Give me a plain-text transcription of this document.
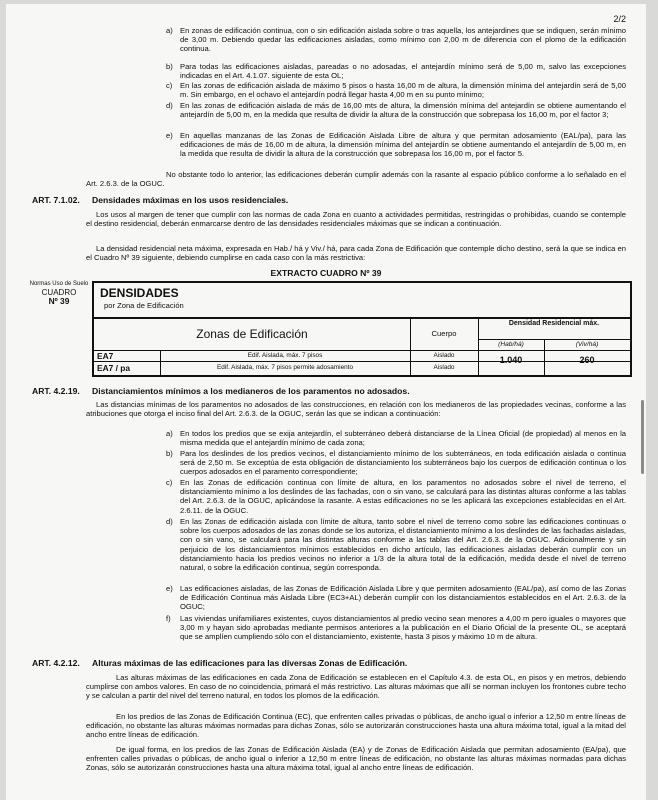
2/2
a) En zonas de edificación continua, con o sin edificación aislada sobre o tras aquella, los antejardines que se indiquen, serán mínimo de 3,00 m. Debiendo quedar las edificaciones aisladas, como mínimo con 2,00 m de diferencia con el plomo de la edificación continua.
b) Para todas las edificaciones aisladas, pareadas o no adosadas, el antejardín mínimo será de 5,00 m, salvo las excepciones indicadas en el Art. 4.1.07. siguiente de esta OL;
c) En las zonas de edificación aislada de máximo 5 pisos o hasta 16,00 m de altura, la dimensión mínima del antejardín será de 5,00 m. Sin embargo, en el ochavo el antejardín podrá llegar hasta 4,00 m en su punto mínimo;
d) En las zonas de edificación aislada de más de 16,00 mts de altura, la dimensión mínima del antejardín se obtiene aumentando el antejardín de 5,00 m, en la medida que resulta de dividir la altura de la construcción que sobrepasa los 16,00 m, por el factor 3;
e) En aquellas manzanas de las Zonas de Edificación Aislada Libre de altura y que permitan adosamiento (EAL/pa), para las edificaciones de más de 16,00 m de altura, la dimensión mínima del antejardín se obtiene aumentando el antejardín de 5,00 m, en la medida que resulta de dividir la altura de la construcción que sobrepasa los 16,00 m, por el factor 5.
No obstante todo lo anterior, las edificaciones deberán cumplir además con la rasante al espacio público conforme a lo señalado en el Art. 2.6.3. de la OGUC.
ART. 7.1.02. Densidades máximas en los usos residenciales.
Los usos al margen de tener que cumplir con las normas de cada Zona en cuanto a actividades permitidas, restringidas o prohibidas, cuando se contemple el destino residencial, deberán enmarcarse dentro de las densidades residenciales máximas que se indican a continuación.
La densidad residencial neta máxima, expresada en Hab./ há y Viv./ há, para cada Zona de Edificación que contemple dicho destino, será la que se indica en el Cuadro Nº 39 siguiente, debiendo cumplirse en cada caso con la más restrictiva:
EXTRACTO CUADRO Nº 39
Normas Uso de Suelo
CUADRO
Nº 39
DENSIDADES
por Zona de Edificación
Zonas de Edificación	Cuerpo
Densidad Residencial máx.
(Hab/há)	(Viv/há)
EA7	Edif. Aislada, máx. 7 pisos	Aislado
EA7 / pa	Edif. Aislada, máx. 7 pisos permite adosamiento	Aislado
1.040	260
ART. 4.2.19. Distanciamientos mínimos a los medianeros de los paramentos no adosados.
Las distancias mínimas de los paramentos no adosados de las construcciones, en relación con los medianeros de las propiedades vecinas, conforme a las atribuciones que otorga el inciso final del Art. 2.6.3. de la OGUC, serán las que se indican a continuación:
a) En todos los predios que se exija antejardín, el subterráneo deberá distanciarse de la Línea Oficial (de propiedad) al menos en la misma medida que el antejardín mínimo de cada zona;
b) Para los deslindes de los predios vecinos, el distanciamiento mínimo de los subterráneos, en toda edificación aislada o continua será de 2,50 m. Se exceptúa de esta obligación de distanciamiento los subterráneos bajo los cuerpos de edificación continua o los cuerpos adosados en el paramento correspondiente;
c) En las Zonas de edificación continua con límite de altura, en los paramentos no adosados sobre el nivel de terreno, el distanciamiento mínimo a los deslindes de las fachadas, con o sin vano, se calculará para las distintas alturas conforme a las tablas del Art. 2.6.3. de la OGUC, aplicándose la rasante. A estas edificaciones no se les aplicará las excepciones establecidas en el Art. 2.6.11. de la OGUC.
d) En las Zonas de edificación aislada con límite de altura, tanto sobre el nivel de terreno como sobre las edificaciones continuas o sobre los cuerpos adosados de las zonas donde se los autoriza, el distanciamiento mínimo a los deslindes de las fachadas aisladas, con o sin vano, se calculará para las distintas alturas conforme a las tablas del Art. 2.6.3. de la OGUC. Adicionalmente y sin perjuicio de los distanciamientos mínimos establecidos en dicho artículo, las edificaciones aisladas deberán cumplir con un distanciamiento hacia los predios vecinos no inferior a 1/3 de la altura total de la edificación, medida desde el nivel de terreno natural, o sobre la edificación continua, según corresponda.
e) Las edificaciones aisladas, de las Zonas de Edificación Aislada Libre y que permiten adosamiento (EAL/pa), así como de las Zonas de Edificación Continua más Aislada Libre (EC3+AL) deberán cumplir con los distanciamientos establecidos en el Art. 2.6.3. de la OGUC;
f) Las viviendas unifamiliares existentes, cuyos distanciamientos al predio vecino sean menores a 4,00 m pero iguales o mayores que 3,00 m y hayan sido aprobadas mediante permisos anteriores a la publicación en el Diario Oficial de la presente OL, se aceptará que se amplíen cumpliendo sólo con el distanciamiento, existente, hasta 3 pisos y máximo 10 m de altura.
ART. 4.2.12. Alturas máximas de las edificaciones para las diversas Zonas de Edificación.
Las alturas máximas de las edificaciones en cada Zona de Edificación se establecen en el Capítulo 4.3. de esta OL, en pisos y en metros, debiendo cumplirse con ambos valores. En caso de no coincidencia, primará el más restrictivo. Las alturas máximas que allí se norman incluyen los frontones cubre techo y se calculan a partir del nivel del terreno natural, en todos los plomos de la edificación.
En los predios de las Zonas de Edificación Continua (EC), que enfrenten calles privadas o públicas, de ancho igual o inferior a 12,50 m entre líneas de edificación, no obstante las alturas máximas normadas para dichas Zonas, sólo se autorizarán construcciones hasta una altura máxima total, igual a la mitad del ancho entre líneas de edificación.
De igual forma, en los predios de las Zonas de Edificación Aislada (EA) y de Zonas de Edificación Aislada que permitan adosamiento (EA/pa), que enfrenten calles privadas o públicas, de ancho igual o inferior a 12,50 m entre líneas de edificación, no obstante las alturas máximas normadas para dichas Zonas, sólo se autorizarán construcciones hasta una altura máxima total, igual al ancho entre líneas de edificación.
